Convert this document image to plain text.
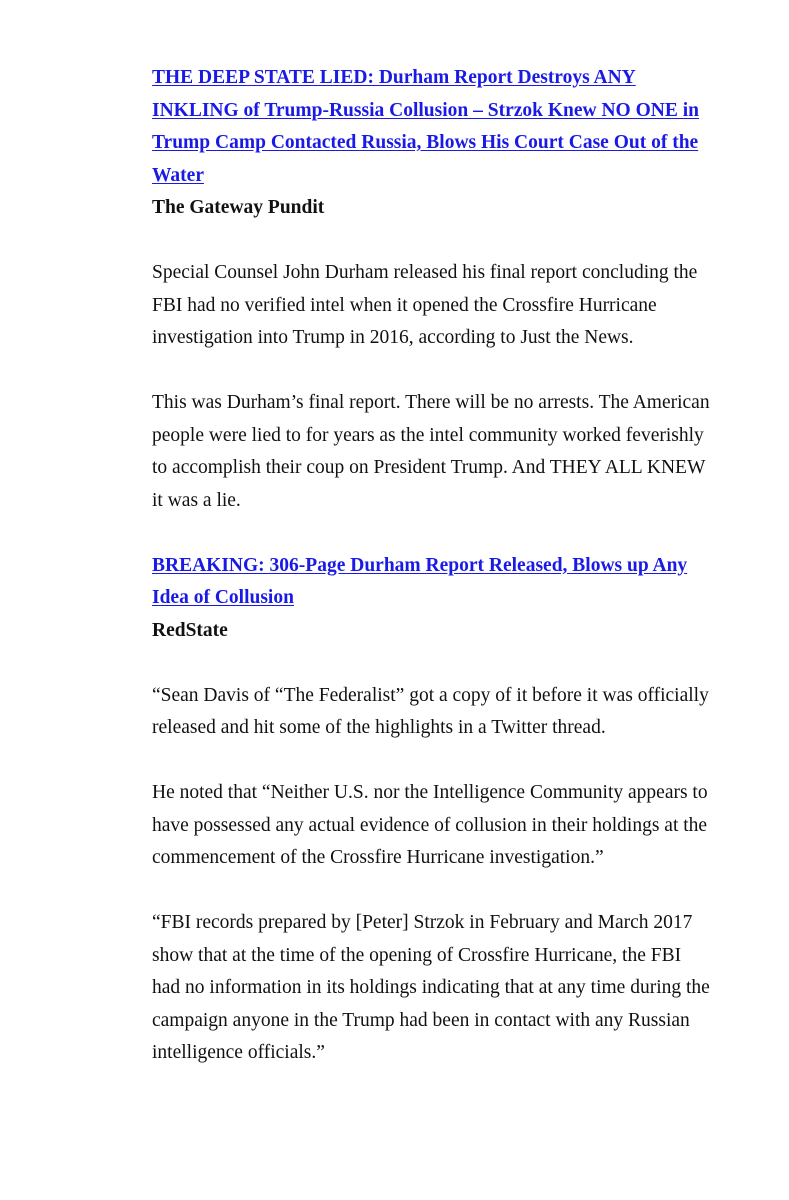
THE DEEP STATE LIED: Durham Report Destroys ANY INKLING of Trump-Russia Collusion – Strzok Knew NO ONE in Trump Camp Contacted Russia, Blows His Court Case Out of the Water
The Gateway Pundit

Special Counsel John Durham released his final report concluding the FBI had no verified intel when it opened the Crossfire Hurricane investigation into Trump in 2016, according to Just the News.

This was Durham’s final report. There will be no arrests. The American people were lied to for years as the intel community worked feverishly to accomplish their coup on President Trump. And THEY ALL KNEW it was a lie.

BREAKING: 306-Page Durham Report Released, Blows up Any Idea of Collusion
RedState

“Sean Davis of “The Federalist” got a copy of it before it was officially released and hit some of the highlights in a Twitter thread.

He noted that “Neither U.S. nor the Intelligence Community appears to have possessed any actual evidence of collusion in their holdings at the commencement of the Crossfire Hurricane investigation.”

“FBI records prepared by [Peter] Strzok in February and March 2017 show that at the time of the opening of Crossfire Hurricane, the FBI had no information in its holdings indicating that at any time during the campaign anyone in the Trump had been in contact with any Russian intelligence officials.”
